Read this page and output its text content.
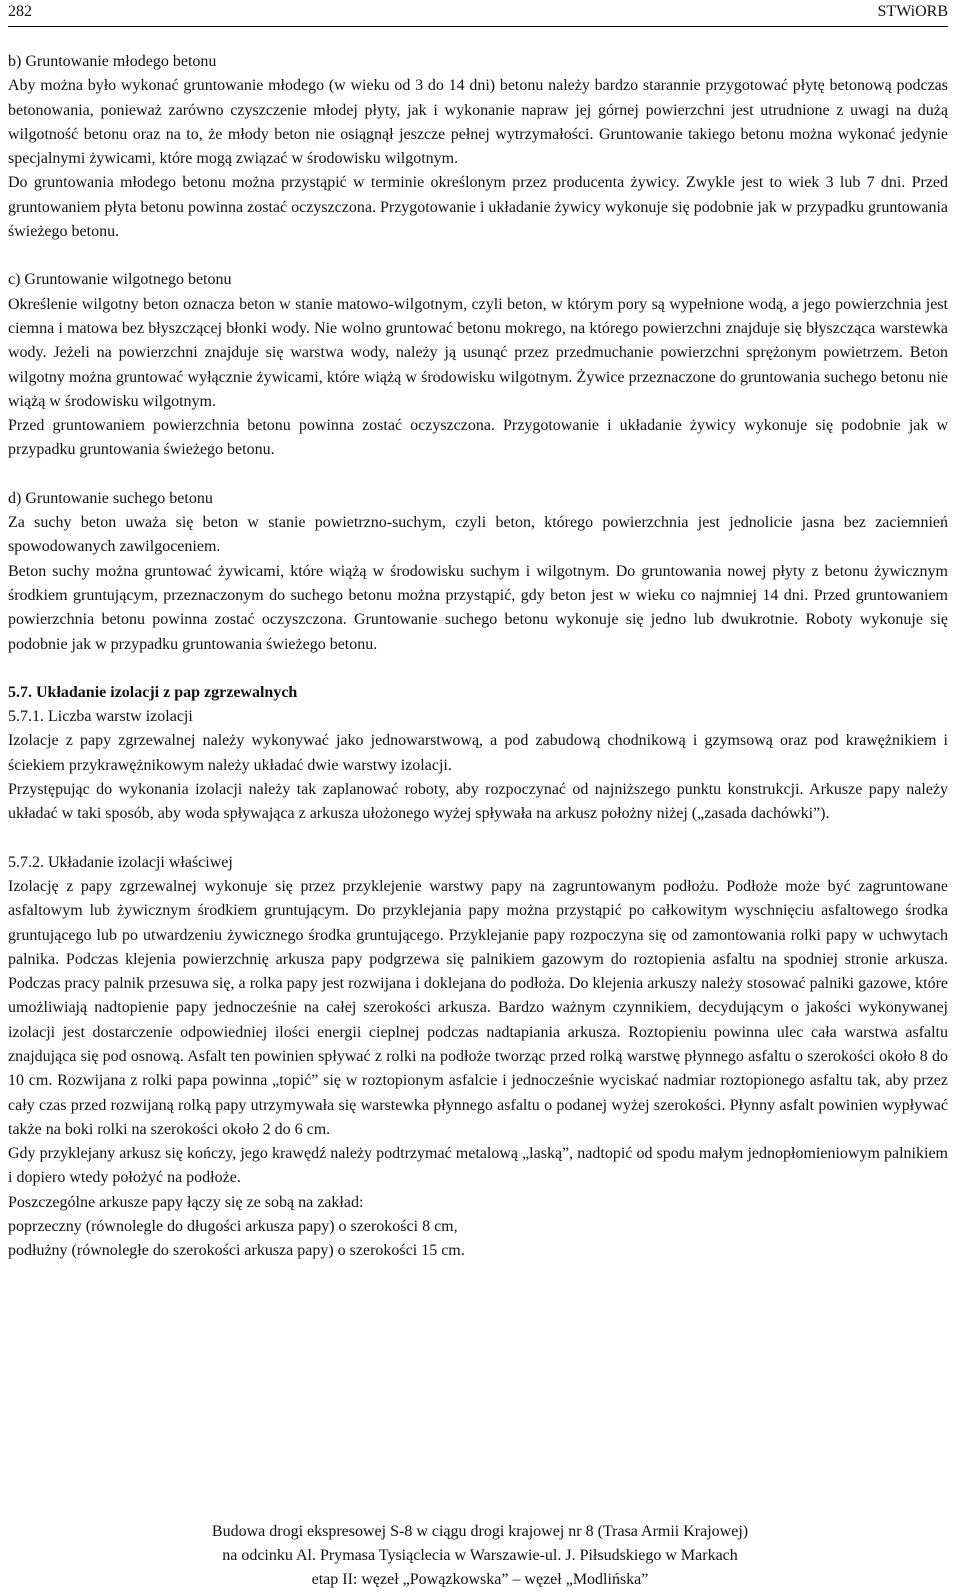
282	STWiORB

b) Gruntowanie młodego betonu

Aby można było wykonać gruntowanie młodego (w wieku od 3 do 14 dni) betonu należy bardzo starannie przygotować płytę betonową podczas betonowania, ponieważ zarówno czyszczenie młodej płyty, jak i wykonanie napraw jej górnej powierzchni jest utrudnione z uwagi na dużą wilgotność betonu oraz na to, że młody beton nie osiągnął jeszcze pełnej wytrzymałości. Gruntowanie takiego betonu można wykonać jedynie specjalnymi żywicami, które mogą związać w środowisku wilgotnym.

Do gruntowania młodego betonu można przystąpić w terminie określonym przez producenta żywicy. Zwykle jest to wiek 3 lub 7 dni. Przed gruntowaniem płyta betonu powinna zostać oczyszczona. Przygotowanie i układanie żywicy wykonuje się podobnie jak w przypadku gruntowania świeżego betonu.

c) Gruntowanie wilgotnego betonu

Określenie wilgotny beton oznacza beton w stanie matowo-wilgotnym, czyli beton, w którym pory są wypełnione wodą, a jego powierzchnia jest ciemna i matowa bez błyszczącej błonki wody. Nie wolno gruntować betonu mokrego, na którego powierzchni znajduje się błyszcząca warstewka wody. Jeżeli na powierzchni znajduje się warstwa wody, należy ją usunąć przez przedmuchanie powierzchni sprężonym powietrzem. Beton wilgotny można gruntować wyłącznie żywicami, które wiążą w środowisku wilgotnym. Żywice przeznaczone do gruntowania suchego betonu nie wiążą w środowisku wilgotnym.

Przed gruntowaniem powierzchnia betonu powinna zostać oczyszczona. Przygotowanie i układanie żywicy wykonuje się podobnie jak w przypadku gruntowania świeżego betonu.

d) Gruntowanie suchego betonu

Za suchy beton uważa się beton w stanie powietrzno-suchym, czyli beton, którego powierzchnia jest jednolicie jasna bez zaciemnień spowodowanych zawilgoceniem.

Beton suchy można gruntować żywicami, które wiążą w środowisku suchym i wilgotnym. Do gruntowania nowej płyty z betonu żywicznym środkiem gruntującym, przeznaczonym do suchego betonu można przystąpić, gdy beton jest w wieku co najmniej 14 dni. Przed gruntowaniem powierzchnia betonu powinna zostać oczyszczona. Gruntowanie suchego betonu wykonuje się jedno lub dwukrotnie. Roboty wykonuje się podobnie jak w przypadku gruntowania świeżego betonu.

5.7. Układanie izolacji z pap zgrzewalnych

5.7.1. Liczba warstw izolacji

Izolacje z papy zgrzewalnej należy wykonywać jako jednowarstwową, a pod zabudową chodnikową i gzymsową oraz pod krawężnikiem i ściekiem przykrawężnikowym należy układać dwie warstwy izolacji.

Przystępując do wykonania izolacji należy tak zaplanować roboty, aby rozpoczynać od najniższego punktu konstrukcji. Arkusze papy należy układać w taki sposób, aby woda spływająca z arkusza ułożonego wyżej spływała na arkusz położny niżej („zasada dachówki”).

5.7.2. Układanie izolacji właściwej

Izolację z papy zgrzewalnej wykonuje się przez przyklejenie warstwy papy na zagruntowanym podłożu. Podłoże może być zagruntowane asfaltowym lub żywicznym środkiem gruntującym. Do przyklejania papy można przystąpić po całkowitym wyschnięciu asfaltowego środka gruntującego lub po utwardzeniu żywicznego środka gruntującego. Przyklejanie papy rozpoczyna się od zamontowania rolki papy w uchwytach palnika. Podczas klejenia powierzchnię arkusza papy podgrzewa się palnikiem gazowym do roztopienia asfaltu na spodniej stronie arkusza. Podczas pracy palnik przesuwa się, a rolka papy jest rozwijana i doklejana do podłoża. Do klejenia arkuszy należy stosować palniki gazowe, które umożliwiają nadtopienie papy jednocześnie na całej szerokości arkusza. Bardzo ważnym czynnikiem, decydującym o jakości wykonywanej izolacji jest dostarczenie odpowiedniej ilości energii cieplnej podczas nadtapiania arkusza. Roztopieniu powinna ulec cała warstwa asfaltu znajdująca się pod osnową. Asfalt ten powinien spływać z rolki na podłoże tworząc przed rolką warstwę płynnego asfaltu o szerokości około 8 do 10 cm. Rozwijana z rolki papa powinna „topić” się w roztopionym asfalcie i jednocześnie wyciskać nadmiar roztopionego asfaltu tak, aby przez cały czas przed rozwijaną rolką papy utrzymywała się warstewka płynnego asfaltu o podanej wyżej szerokości. Płynny asfalt powinien wypływać także na boki rolki na szerokości około 2 do 6 cm.

Gdy przyklejany arkusz się kończy, jego krawędź należy podtrzymać metalową „laską”, nadtopić od spodu małym jednopłomieniowym palnikiem i dopiero wtedy położyć na podłoże.

Poszczególne arkusze papy łączy się ze sobą na zakład:

poprzeczny (równolegle do długości arkusza papy) o szerokości 8 cm,

podłużny (równoległe do szerokości arkusza papy) o szerokości 15 cm.

Budowa drogi ekspresowej S-8 w ciągu drogi krajowej nr 8 (Trasa Armii Krajowej)

na odcinku Al. Prymasa Tysiąclecia w Warszawie-ul. J. Piłsudskiego w Markach

etap II: węzeł „Powązkowska” – węzeł „Modlińska”
